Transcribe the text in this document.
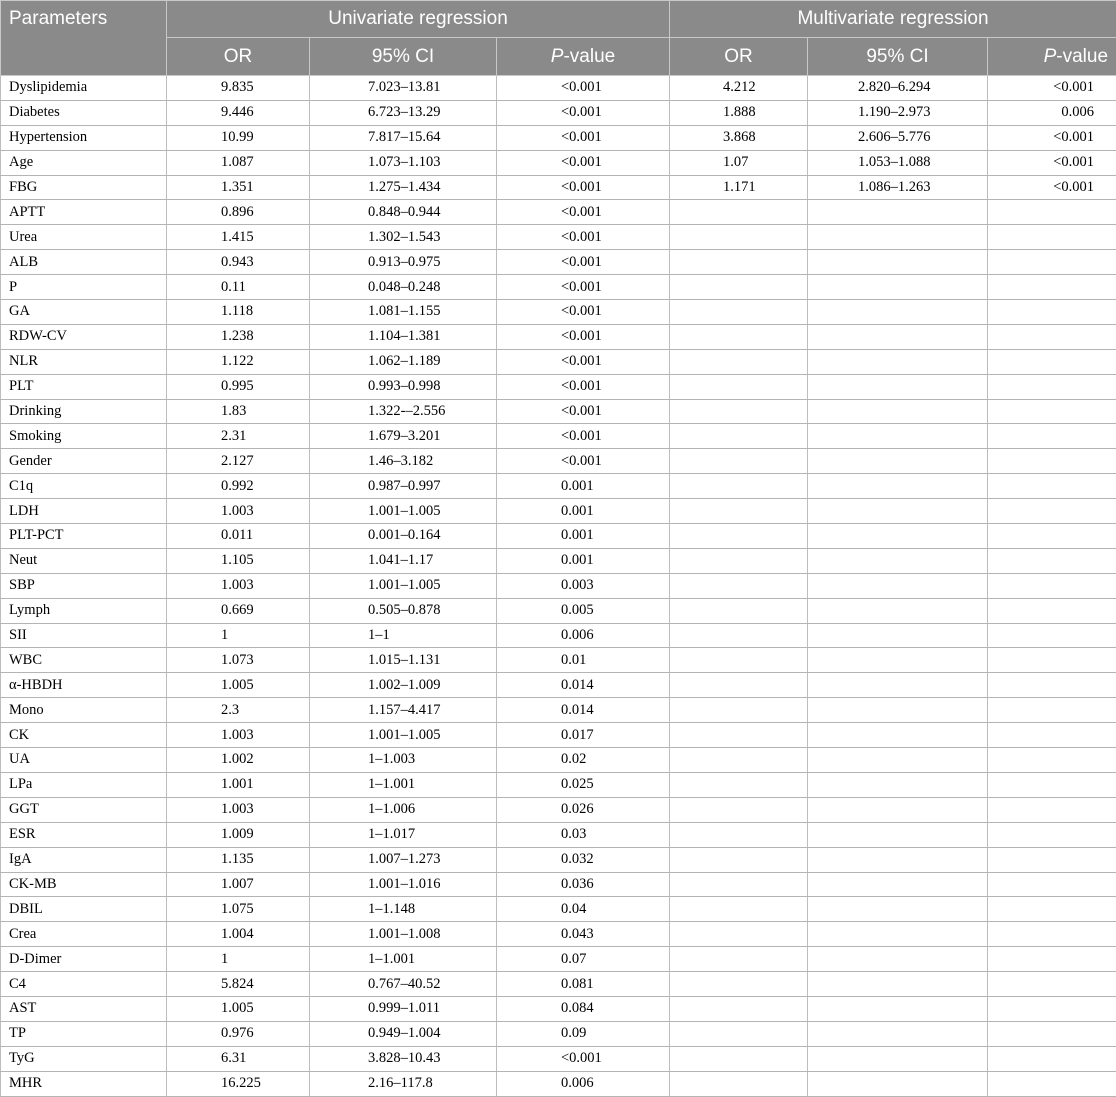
Parameters	Univariate regression			Multivariate regression		
	OR	95% CI	P-value	OR	95% CI	P-value
Dyslipidemia	9.835	7.023–13.81	<0.001	4.212	2.820–6.294	<0.001
Diabetes	9.446	6.723–13.29	<0.001	1.888	1.190–2.973	0.006
Hypertension	10.99	7.817–15.64	<0.001	3.868	2.606–5.776	<0.001
Age	1.087	1.073–1.103	<0.001	1.07	1.053–1.088	<0.001
FBG	1.351	1.275–1.434	<0.001	1.171	1.086–1.263	<0.001
APTT	0.896	0.848–0.944	<0.001			
Urea	1.415	1.302–1.543	<0.001			
ALB	0.943	0.913–0.975	<0.001			
P	0.11	0.048–0.248	<0.001			
GA	1.118	1.081–1.155	<0.001			
RDW-CV	1.238	1.104–1.381	<0.001			
NLR	1.122	1.062–1.189	<0.001			
PLT	0.995	0.993–0.998	<0.001			
Drinking	1.83	1.322-–2.556	<0.001			
Smoking	2.31	1.679–3.201	<0.001			
Gender	2.127	1.46–3.182	<0.001			
C1q	0.992	0.987–0.997	0.001			
LDH	1.003	1.001–1.005	0.001			
PLT-PCT	0.011	0.001–0.164	0.001			
Neut	1.105	1.041–1.17	0.001			
SBP	1.003	1.001–1.005	0.003			
Lymph	0.669	0.505–0.878	0.005			
SII	1	1–1	0.006			
WBC	1.073	1.015–1.131	0.01			
α-HBDH	1.005	1.002–1.009	0.014			
Mono	2.3	1.157–4.417	0.014			
CK	1.003	1.001–1.005	0.017			
UA	1.002	1–1.003	0.02			
LPa	1.001	1–1.001	0.025			
GGT	1.003	1–1.006	0.026			
ESR	1.009	1–1.017	0.03			
IgA	1.135	1.007–1.273	0.032			
CK-MB	1.007	1.001–1.016	0.036			
DBIL	1.075	1–1.148	0.04			
Crea	1.004	1.001–1.008	0.043			
D-Dimer	1	1–1.001	0.07			
C4	5.824	0.767–40.52	0.081			
AST	1.005	0.999–1.011	0.084			
TP	0.976	0.949–1.004	0.09			
TyG	6.31	3.828–10.43	<0.001			
MHR	16.225	2.16–117.8	0.006			
